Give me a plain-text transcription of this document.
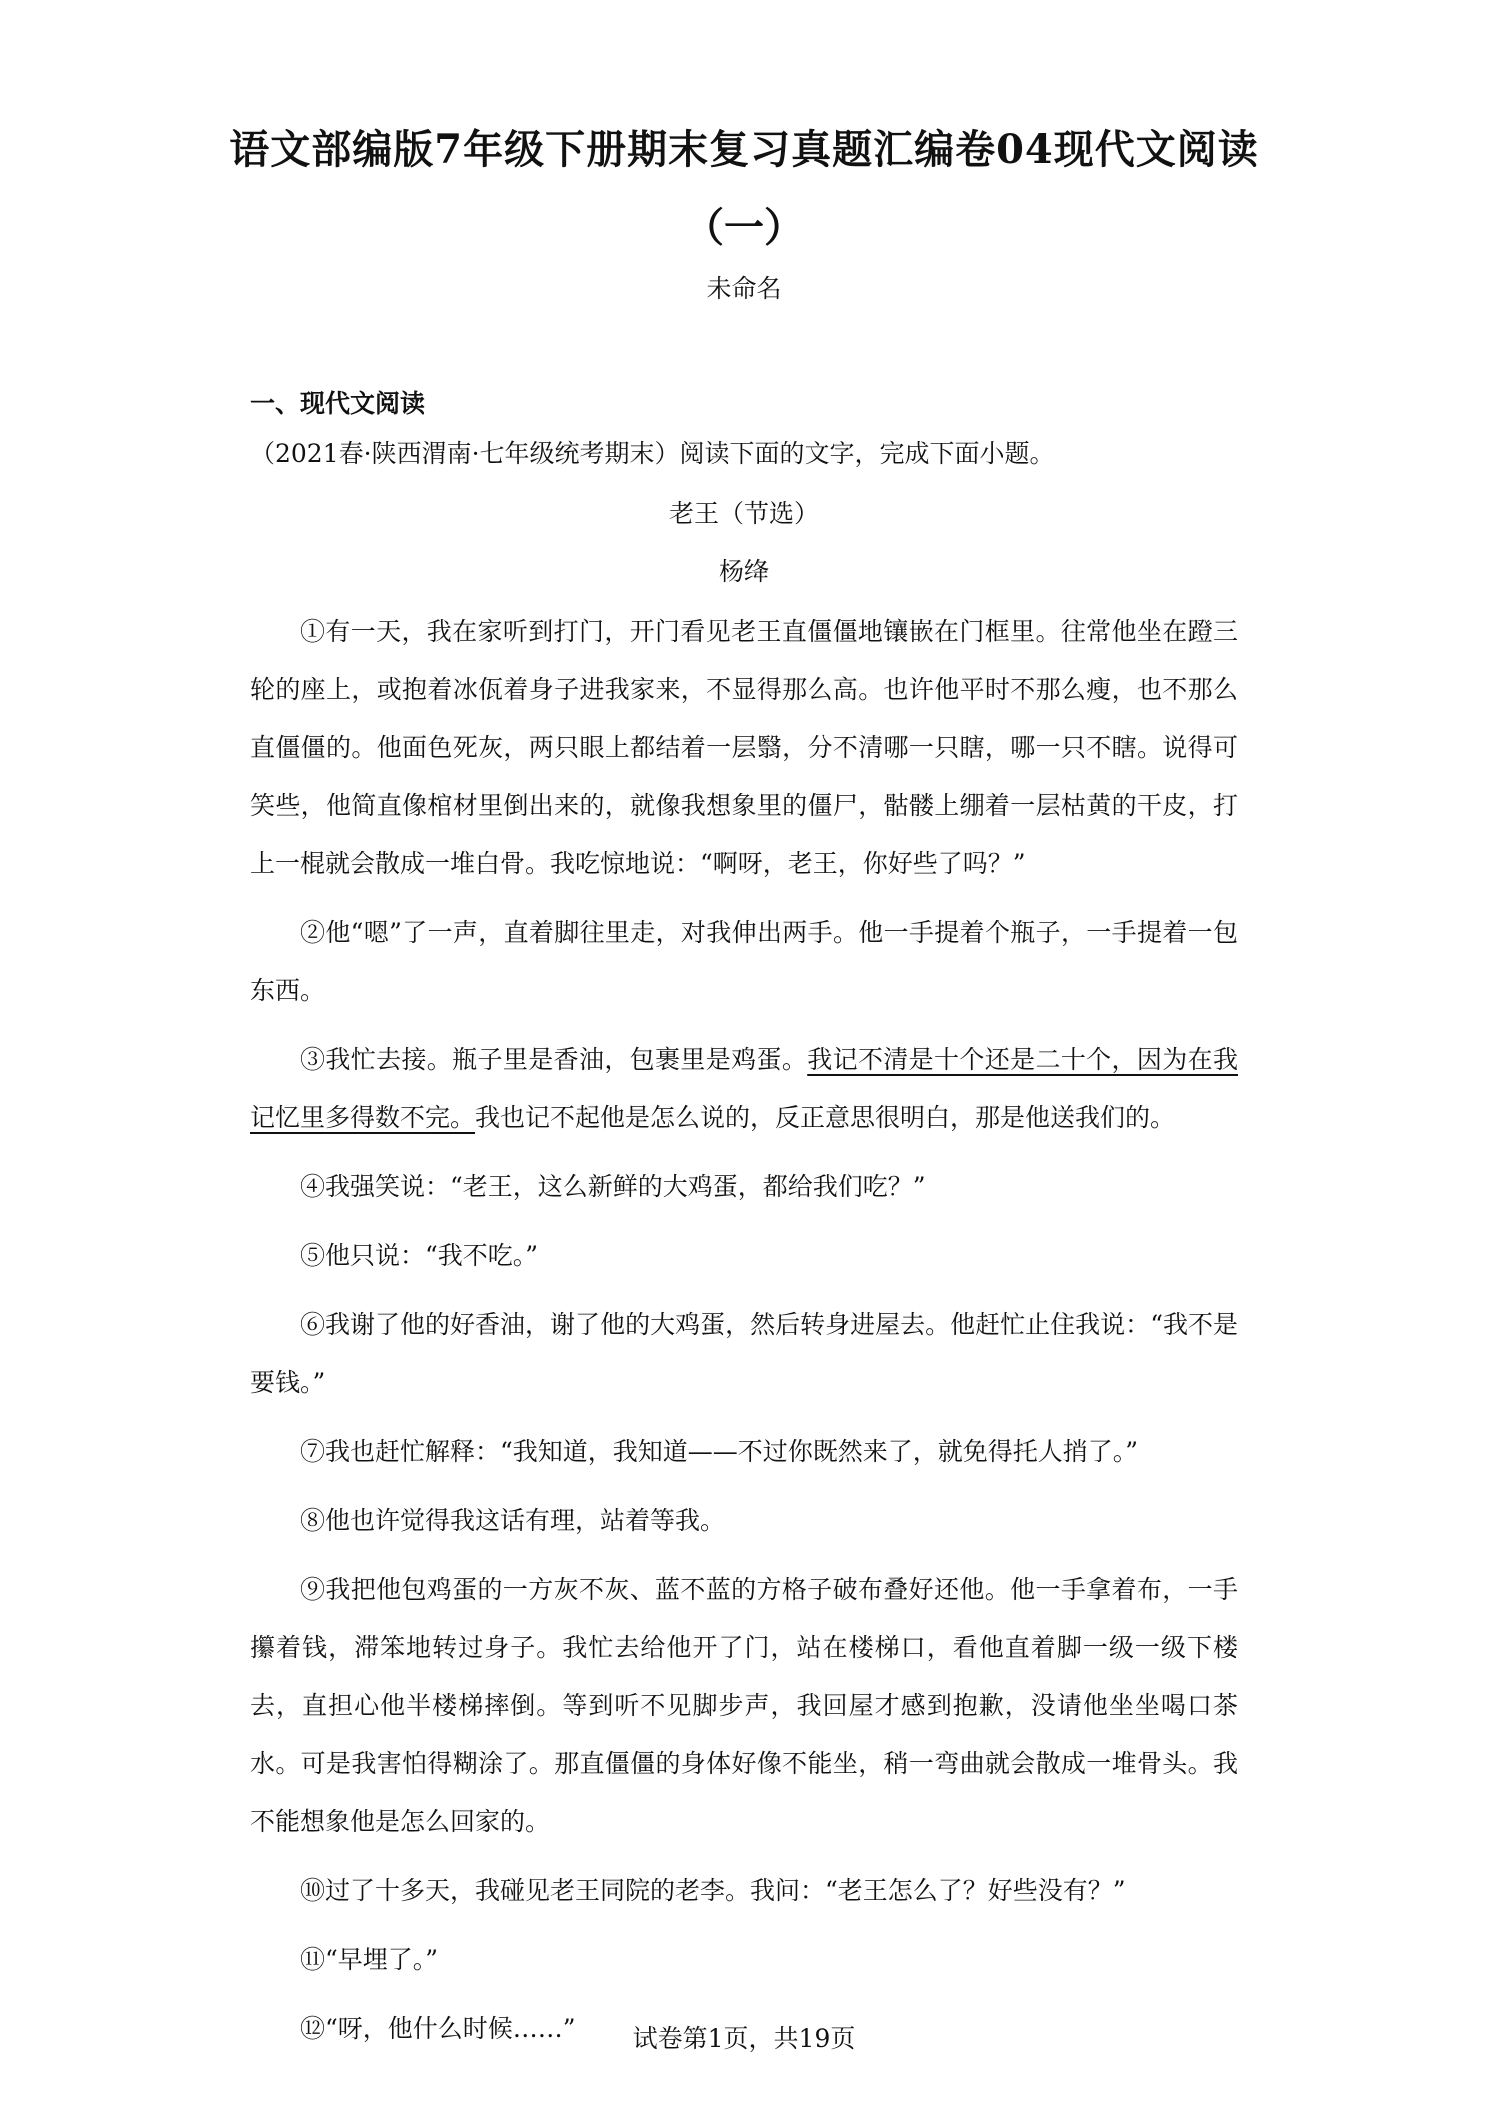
语文部编版7年级下册期末复习真题汇编卷04现代文阅读
（一）
未命名
一、现代文阅读
（2021春·陕西渭南·七年级统考期末）阅读下面的文字，完成下面小题。
老王（节选）
杨绛

①有一天，我在家听到打门，开门看见老王直僵僵地镶嵌在门框里。往常他坐在蹬三轮的座上，或抱着冰佤着身子进我家来，不显得那么高。也许他平时不那么瘦，也不那么直僵僵的。他面色死灰，两只眼上都结着一层翳，分不清哪一只瞎，哪一只不瞎。说得可笑些，他简直像棺材里倒出来的，就像我想象里的僵尸，骷髅上绷着一层枯黄的干皮，打上一棍就会散成一堆白骨。我吃惊地说：“啊呀，老王，你好些了吗？”

②他“嗯”了一声，直着脚往里走，对我伸出两手。他一手提着个瓶子，一手提着一包东西。

③我忙去接。瓶子里是香油，包裹里是鸡蛋。我记不清是十个还是二十个，因为在我记忆里多得数不完。我也记不起他是怎么说的，反正意思很明白，那是他送我们的。

④我强笑说：“老王，这么新鲜的大鸡蛋，都给我们吃？”

⑤他只说：“我不吃。”

⑥我谢了他的好香油，谢了他的大鸡蛋，然后转身进屋去。他赶忙止住我说：“我不是要钱。”

⑦我也赶忙解释：“我知道，我知道——不过你既然来了，就免得托人捎了。”

⑧他也许觉得我这话有理，站着等我。

⑨我把他包鸡蛋的一方灰不灰、蓝不蓝的方格子破布叠好还他。他一手拿着布，一手攥着钱，滞笨地转过身子。我忙去给他开了门，站在楼梯口，看他直着脚一级一级下楼去，直担心他半楼梯摔倒。等到听不见脚步声，我回屋才感到抱歉，没请他坐坐喝口茶水。可是我害怕得糊涂了。那直僵僵的身体好像不能坐，稍一弯曲就会散成一堆骨头。我不能想象他是怎么回家的。

⑩过了十多天，我碰见老王同院的老李。我问：“老王怎么了？好些没有？”

⑪“早埋了。”

⑫“呀，他什么时候……”	试卷第1页，共19页
